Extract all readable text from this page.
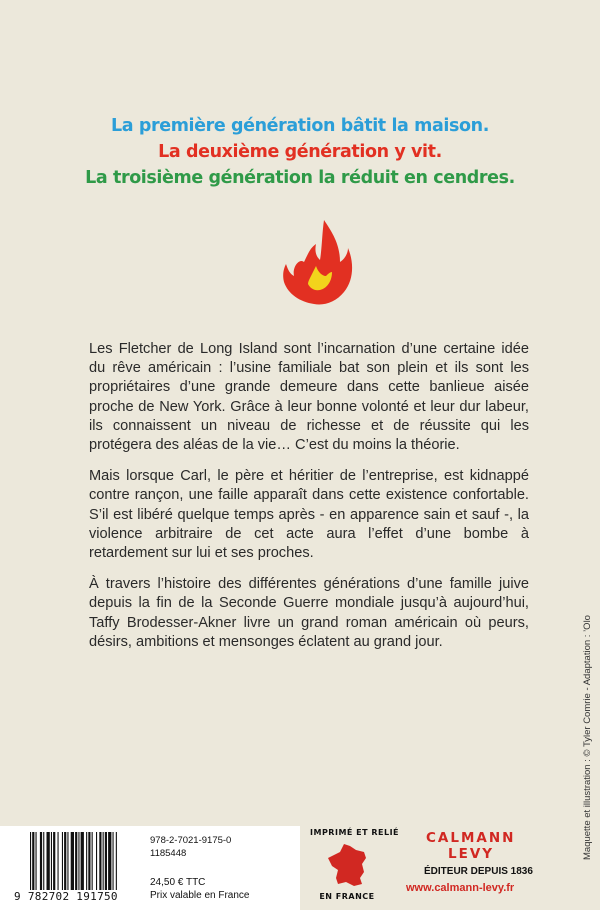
La première génération bâtit la maison.
La deuxième génération y vit.
La troisième génération la réduit en cendres.

Les Fletcher de Long Island sont l’incarnation d’une certaine idée du rêve américain : l’usine familiale bat son plein et ils sont les propriétaires d’une grande demeure dans cette banlieue aisée proche de New York. Grâce à leur bonne volonté et leur dur labeur, ils connaissent un niveau de richesse et de réussite qui les protégera des aléas de la vie… C’est du moins la théorie.

Mais lorsque Carl, le père et héritier de l’entreprise, est kidnappé contre rançon, une faille apparaît dans cette existence confortable. S’il est libéré quelque temps après - en apparence sain et sauf -, la violence arbitraire de cet acte aura l’effet d’une bombe à retardement sur lui et ses proches.

À travers l’histoire des différentes générations d’une famille juive depuis la fin de la Seconde Guerre mondiale jusqu’à aujourd’hui, Taffy Brodesser-Akner livre un grand roman américain où peurs, désirs, ambitions et mensonges éclatent au grand jour.	Maquette et illustration : © Tyler Comrie - Adaptation : ’Olo
9 782702 191750
978-2-7021-9175-0
1185448
24,50 € TTC
Prix valable en France
IMPRIMÉ ET RELIÉ
EN FRANCE
CALMANN
LEVY
ÉDITEUR DEPUIS 1836
www.calmann-levy.fr
